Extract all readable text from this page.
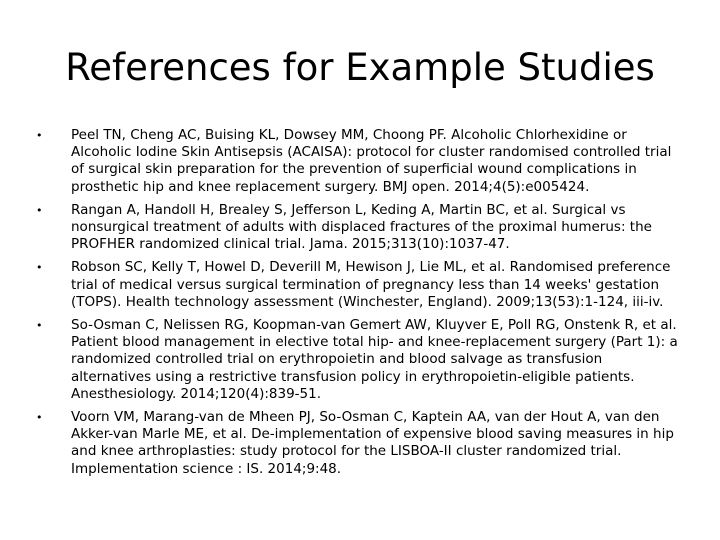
References for Example Studies
•	Peel TN, Cheng AC, Buising KL, Dowsey MM, Choong PF. Alcoholic Chlorhexidine or Alcoholic Iodine Skin Antisepsis (ACAISA): protocol for cluster randomised controlled trial of surgical skin preparation for the prevention of superficial wound complications in prosthetic hip and knee replacement surgery. BMJ open. 2014;4(5):e005424.
•	Rangan A, Handoll H, Brealey S, Jefferson L, Keding A, Martin BC, et al. Surgical vs nonsurgical treatment of adults with displaced fractures of the proximal humerus: the PROFHER randomized clinical trial. Jama. 2015;313(10):1037-47.
•	Robson SC, Kelly T, Howel D, Deverill M, Hewison J, Lie ML, et al. Randomised preference trial of medical versus surgical termination of pregnancy less than 14 weeks' gestation (TOPS). Health technology assessment (Winchester, England). 2009;13(53):1-124, iii-iv.
•	So-Osman C, Nelissen RG, Koopman-van Gemert AW, Kluyver E, Poll RG, Onstenk R, et al. Patient blood management in elective total hip- and knee-replacement surgery (Part 1): a randomized controlled trial on erythropoietin and blood salvage as transfusion alternatives using a restrictive transfusion policy in erythropoietin-eligible patients. Anesthesiology. 2014;120(4):839-51.
•	Voorn VM, Marang-van de Mheen PJ, So-Osman C, Kaptein AA, van der Hout A, van den Akker-van Marle ME, et al. De-implementation of expensive blood saving measures in hip and knee arthroplasties: study protocol for the LISBOA-II cluster randomized trial. Implementation science : IS. 2014;9:48.
